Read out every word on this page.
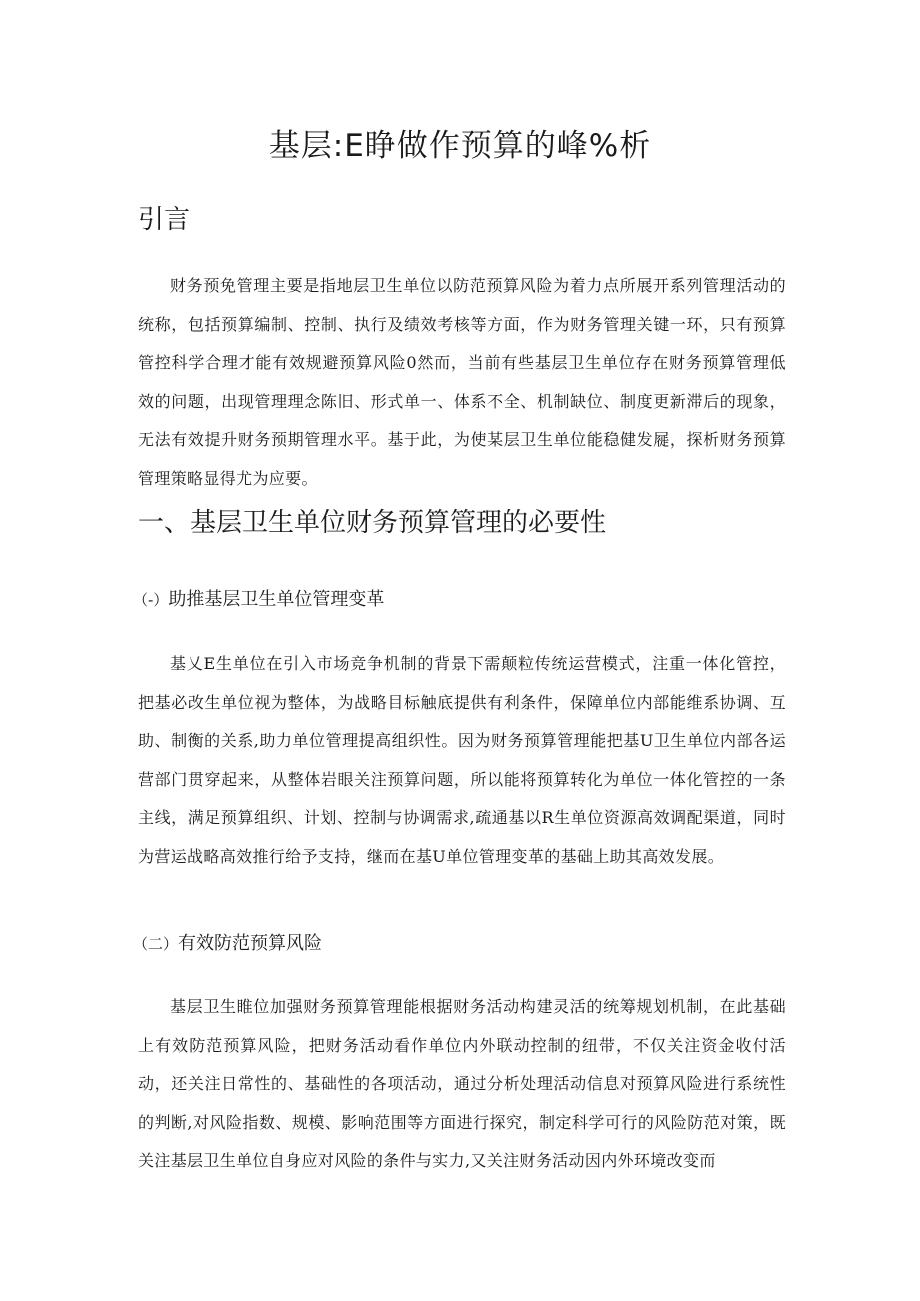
基层:E睁做作预算的峰%析
引言

财务预免管理主要是指地层卫生单位以防范预算风险为着力点所展开系列管理活动的统称，包括预算编制、控制、执行及绩效考核等方面，作为财务管理关键一环，只有预算管控科学合理才能有效规避预算风险0然而，当前有些基层卫生单位存在财务预算管理低效的问题，出现管理理念陈旧、形式单一、体系不全、机制缺位、制度更新滞后的现象，无法有效提升财务预期管理水平。基于此，为使某层卫生单位能稳健发屣，探析财务预算管理策略显得尤为应要。

一、基层卫生单位财务预算管理的必要性
（-）助推基层卫生单位管理变革

基乂E生单位在引入市场竞争机制的背景下需颠粒传统运营模式，注重一体化管控，把基必改生单位视为整体，为战略目标触底提供有利条件，保障单位内部能维系协调、互助、制衡的关系,助力单位管理提高组织性。因为财务预算管理能把基U卫生单位内部各运营部门贯穿起来，从整体岩眼关注预算问题，所以能将预算转化为单位一体化管控的一条主线，满足预算组织、计划、控制与协调需求,疏通基以R生单位资源高效调配渠道，同时为营运战略高效推行给予支持，继而在基U单位管理变革的基础上助其高效发展。

（二）有效防范预算风险

基层卫生睢位加强财务预算管理能根据财务活动构建灵活的统筹规划机制，在此基础上有效防范预算风险，把财务活动看作单位内外联动控制的纽带，不仅关注资金收付活动，还关注日常性的、基础性的各项活动，通过分析处理活动信息对预算风险进行系统性的判断,对风险指数、规模、影响范围等方面进行探究，制定科学可行的风险防范对策，既关注基层卫生单位自身应对风险的条件与实力,又关注财务活动因内外环境改变而
